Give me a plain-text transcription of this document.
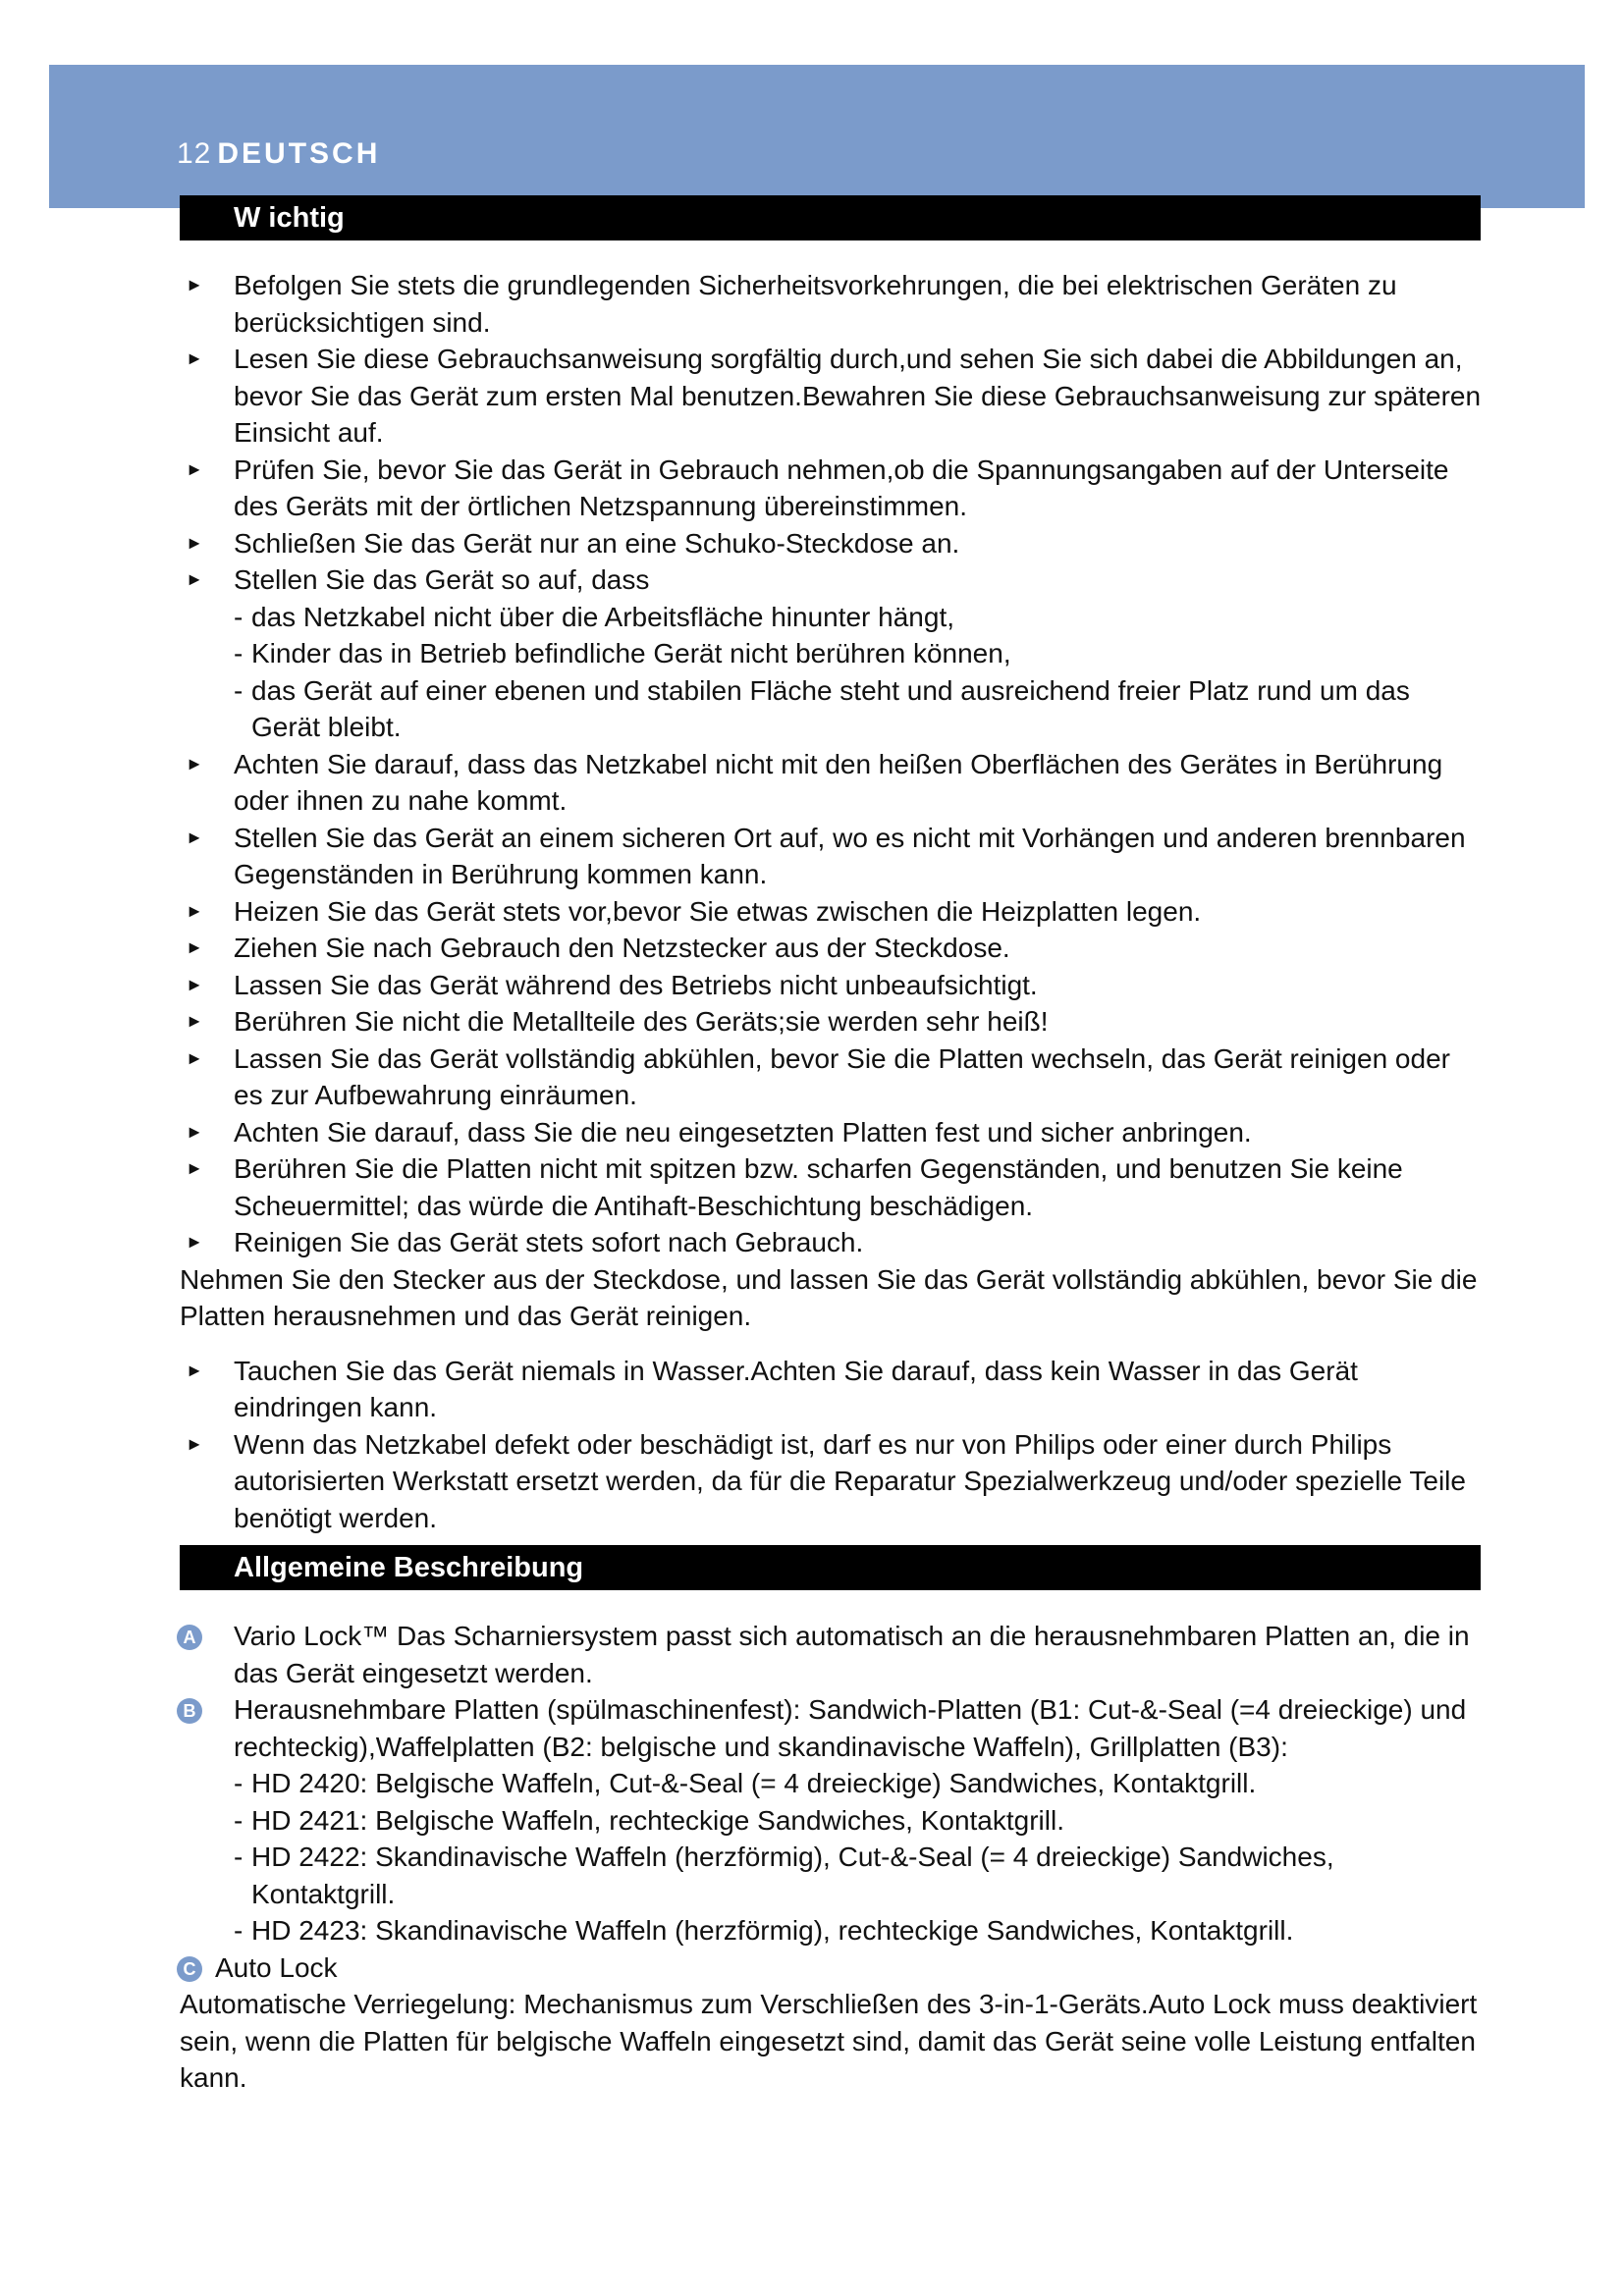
12 DEUTSCH
W ichtig
► Befolgen Sie stets die grundlegenden Sicherheitsvorkehrungen, die bei elektrischen Geräten zu berücksichtigen sind.
► Lesen Sie diese Gebrauchsanweisung sorgfältig durch,und sehen Sie sich dabei die Abbildungen an, bevor Sie das Gerät zum ersten Mal benutzen.Bewahren Sie diese Gebrauchsanweisung zur späteren Einsicht auf.
► Prüfen Sie, bevor Sie das Gerät in Gebrauch nehmen,ob die Spannungsangaben auf der Unterseite des Geräts mit der örtlichen Netzspannung übereinstimmen.
► Schließen Sie das Gerät nur an eine Schuko-Steckdose an.
► Stellen Sie das Gerät so auf, dass
- das Netzkabel nicht über die Arbeitsfläche hinunter hängt,
- Kinder das in Betrieb befindliche Gerät nicht berühren können,
- das Gerät auf einer ebenen und stabilen Fläche steht und ausreichend freier Platz rund um das Gerät bleibt.
► Achten Sie darauf, dass das Netzkabel nicht mit den heißen Oberflächen des Gerätes in Berührung oder ihnen zu nahe kommt.
► Stellen Sie das Gerät an einem sicheren Ort auf, wo es nicht mit Vorhängen und anderen brennbaren Gegenständen in Berührung kommen kann.
► Heizen Sie das Gerät stets vor,bevor Sie etwas zwischen die Heizplatten legen.
► Ziehen Sie nach Gebrauch den Netzstecker aus der Steckdose.
► Lassen Sie das Gerät während des Betriebs nicht unbeaufsichtigt.
► Berühren Sie nicht die Metallteile des Geräts;sie werden sehr heiß!
► Lassen Sie das Gerät vollständig abkühlen, bevor Sie die Platten wechseln, das Gerät reinigen oder es zur Aufbewahrung einräumen.
► Achten Sie darauf, dass Sie die neu eingesetzten Platten fest und sicher anbringen.
► Berühren Sie die Platten nicht mit spitzen bzw. scharfen Gegenständen, und benutzen Sie keine Scheuermittel; das würde die Antihaft-Beschichtung beschädigen.
► Reinigen Sie das Gerät stets sofort nach Gebrauch.
Nehmen Sie den Stecker aus der Steckdose, und lassen Sie das Gerät vollständig abkühlen, bevor Sie die Platten herausnehmen und das Gerät reinigen.
► Tauchen Sie das Gerät niemals in Wasser.Achten Sie darauf, dass kein Wasser in das Gerät eindringen kann.
► Wenn das Netzkabel defekt oder beschädigt ist, darf es nur von Philips oder einer durch Philips autorisierten Werkstatt ersetzt werden, da für die Reparatur Spezialwerkzeug und/oder spezielle Teile benötigt werden.
Allgemeine Beschreibung
A Vario Lock™ Das Scharniersystem passt sich automatisch an die herausnehmbaren Platten an, die in das Gerät eingesetzt werden.
B Herausnehmbare Platten (spülmaschinenfest): Sandwich-Platten (B1: Cut-&-Seal (=4 dreieckige) und rechteckig),Waffelplatten (B2: belgische und skandinavische Waffeln), Grillplatten (B3):
- HD 2420: Belgische Waffeln, Cut-&-Seal (= 4 dreieckige) Sandwiches, Kontaktgrill.
- HD 2421: Belgische Waffeln, rechteckige Sandwiches, Kontaktgrill.
- HD 2422: Skandinavische Waffeln (herzförmig), Cut-&-Seal (= 4 dreieckige) Sandwiches, Kontaktgrill.
- HD 2423: Skandinavische Waffeln (herzförmig), rechteckige Sandwiches, Kontaktgrill.
C Auto Lock
Automatische Verriegelung: Mechanismus zum Verschließen des 3-in-1-Geräts.Auto Lock muss deaktiviert sein, wenn die Platten für belgische Waffeln eingesetzt sind, damit das Gerät seine volle Leistung entfalten kann.
